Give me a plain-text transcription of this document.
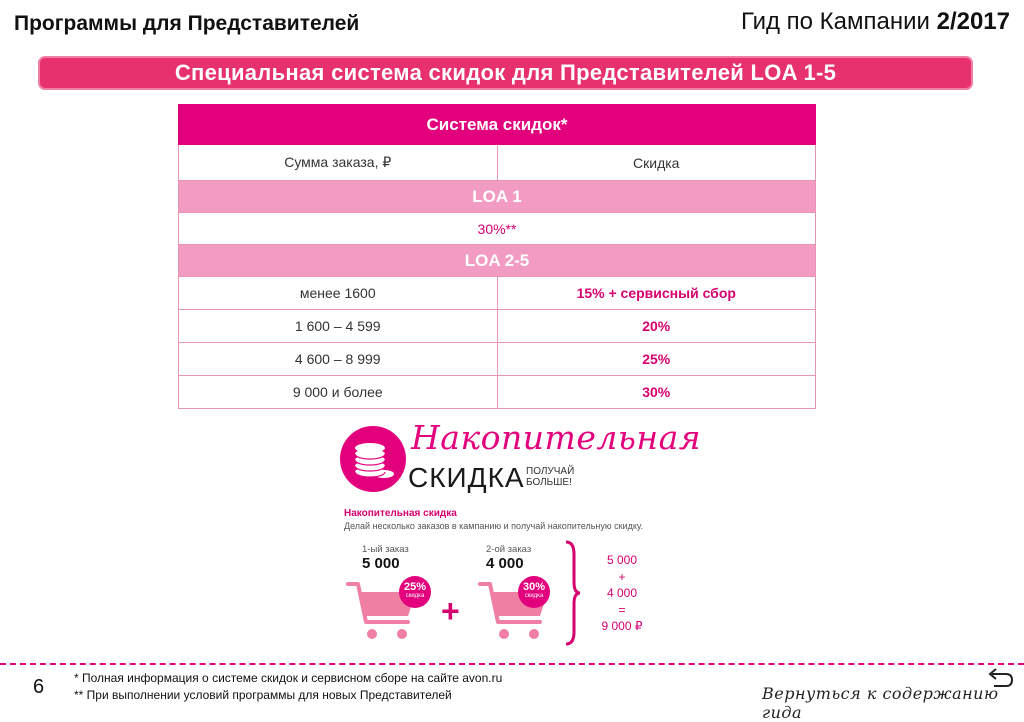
Программы для Представителей	Гид по Кампании 2/2017
Специальная система скидок для Представителей LOA 1-5
Система скидок*	
Сумма заказа, ₽	Скидка
LOA 1	
30%**	
LOA 2-5	
менее 1600	15% + сервисный сбор
1 600 – 4 599	20%
4 600 – 8 999	25%
9 000 и более	30%
Накопительная
СКИДКА ПОЛУЧАЙ БОЛЬШЕ!
Накопительная скидка
Делай несколько заказов в кампанию и получай накопительную скидку.
1-ый заказ
5 000
25%
скидка +
2-ой заказ
4 000
30%
скидка
5 000
+
4 000
=
9 000 ₽
6 * Полная информация о системе скидок и сервисном сборе на сайте avon.ru
** При выполнении условий программы для новых Представителей	Вернуться к содержанию гида
